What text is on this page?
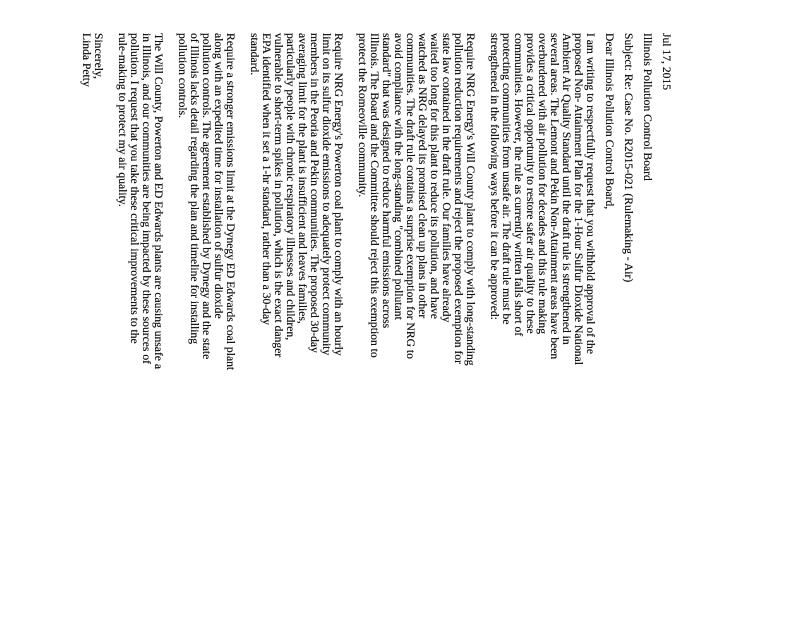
Jul 17, 2015
Illinois Pollution Control Board
Subject: Re: Case No. R2015-021 (Rulemaking - Air)
Dear Illinois Pollution Control Board,
I am writing to respectfully request that you withhold approval of the
proposed Non- Attainment Plan for the 1-Hour Sulfur Dioxide National
Ambient Air Quality Standard until the draft rule is strengthened in
several areas. The Lemont and Pekin Non-Attainment areas have been
overburdened with air pollution for decades and this rule making
provides a critical opportunity to restore safer air quality to these
communities. However, the rule as currently written falls short of
protecting communities from unsafe air. The draft rule must be
strengthened in the following ways before it can be approved:
Require NRG Energy's Will County plant to comply with long-standing
pollution reduction requirements and reject the proposed exemption for
state law contained in the draft rule. Our families have already
waited too long for this plant to reduce its pollution, and have
watched as NRG delayed its promised clean up plans in other
communities. The draft rule contains a surprise exemption for NRG to
avoid compliance with the long-standing "combined pollutant
standard" that was designed to reduce harmful emissions across
Illinois. The Board and the Committee should reject this exemption to
protect the Romeoville community.
Require NRG Energy's Powerton coal plant to comply with an hourly
limit on its sulfur dioxide emissions to adequately protect community
members in the Peoria and Pekin communities. The proposed 30-day
averaging limit for the plant is insufficient and leaves families,
particularly people with chronic respiratory illnesses and children,
vulnerable to short-term spikes in pollution, which is the exact danger
EPA identified when it set a 1-hr standard, rather than a 30-day
standard.
Require a stronger emissions limit at the Dynegy ED Edwards coal plant
along with an expedited time for installation of sulfur dioxide
pollution controls. The agreement established by Dynegy and the state
of Illinois lacks detail regarding the plan and timeline for installing
pollution controls.
The Will County, Powerton and ED Edwards plants are causing unsafe a
in Illinois, and our communities are being impacted by these sources of
pollution. I request that you take these critical improvements to the
rule-making to protect my air quality.
Sincerely,
Linda Petty
